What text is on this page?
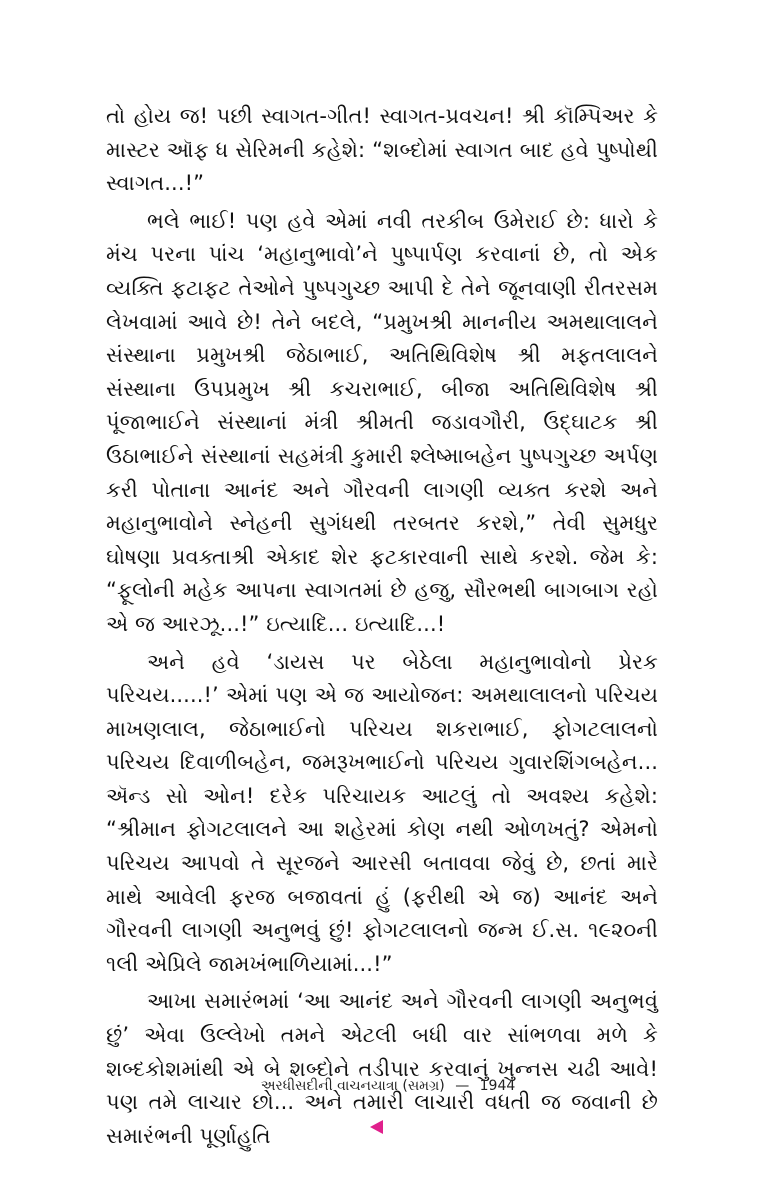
તો હોય જ! પછી સ્વાગત-ગીત! સ્વાગત-પ્રવચન! શ્રી કૉમ્પિઅર કે માસ્ટર ઑફ ધ સેરિમની કહેશે: “શબ્દોમાં સ્વાગત બાદ હવે પુષ્પોથી સ્વાગત...!”

ભલે ભાઈ! પણ હવે એમાં નવી તરકીબ ઉમેરાઈ છે: ધારો કે મંચ પરના પાંચ ‘મહાનુભાવો’ને પુષ્પાર્પણ કરવાનાં છે, તો એક વ્યક્તિ ફટાફટ તેઓને પુષ્પગુચ્છ આપી દે તેને જૂનવાણી રીતરસમ લેખવામાં આવે છે! તેને બદલે, “પ્રમુખશ્રી માનનીય અમથાલાલને સંસ્થાના પ્રમુખશ્રી જેઠાભાઈ, અતિથિવિશેષ શ્રી મફતલાલને સંસ્થાના ઉપપ્રમુખ શ્રી કચરાભાઈ, બીજા અતિથિવિશેષ શ્રી પૂંજાભાઈને સંસ્થાનાં મંત્રી શ્રીમતી જડાવગૌરી, ઉદ્ઘાટક શ્રી ઉઠાભાઈને સંસ્થાનાં સહમંત્રી કુમારી શ્લેષ્માબહેન પુષ્પગુચ્છ અર્પણ કરી પોતાના આનંદ અને ગૌરવની લાગણી વ્યક્ત કરશે અને મહાનુભાવોને સ્નેહની સુગંધથી તરબતર કરશે,” તેવી સુમધુર ઘોષણા પ્રવક્તાશ્રી એકાદ શેર ફટકારવાની સાથે કરશે. જેમ કે: “ફૂલોની મહેક આપના સ્વાગતમાં છે હજુ, સૌરભથી બાગબાગ રહો એ જ આરઝૂ...!” ઇત્યાદિ... ઇત્યાદિ...!

અને હવે ‘ડાયસ પર બેઠેલા મહાનુભાવોનો પ્રેરક પરિચય.....!’ એમાં પણ એ જ આયોજન: અમથાલાલનો પરિચય માખણલાલ, જેઠાભાઈનો પરિચય શકરાભાઈ, ફોગટલાલનો પરિચય દિવાળીબહેન, જમરૂખભાઈનો પરિચય ગુવારશિંગબહેન... ઍન્ડ સો ઓન! દરેક પરિચાયક આટલું તો અવશ્ય કહેશે: “શ્રીમાન ફોગટલાલને આ શહેરમાં કોણ નથી ઓળખતું? એમનો પરિચય આપવો તે સૂરજને આરસી બતાવવા જેવું છે, છતાં મારે માથે આવેલી ફરજ બજાવતાં હું (ફરીથી એ જ) આનંદ અને ગૌરવની લાગણી અનુભવું છું! ફોગટલાલનો જન્મ ઈ.સ. ૧૯૨૦ની ૧લી એપ્રિલે જામખંભાળિયામાં...!”

આખા સમારંભમાં ‘આ આનંદ અને ગૌરવની લાગણી અનુભવું છું’ એવા ઉલ્લેખો તમને એટલી બધી વાર સાંભળવા મળે કે શબ્દકોશમાંથી એ બે શબ્દોને તડીપાર કરવાનું ખુન્નસ ચઢી આવે! પણ તમે લાચાર છો... અને તમારી લાચારી વધતી જ જવાની છે સમારંભની પૂર્ણાહુતિ

અરધીસદીની વાચનયાત્રા (સમગ્ર) — 1944
